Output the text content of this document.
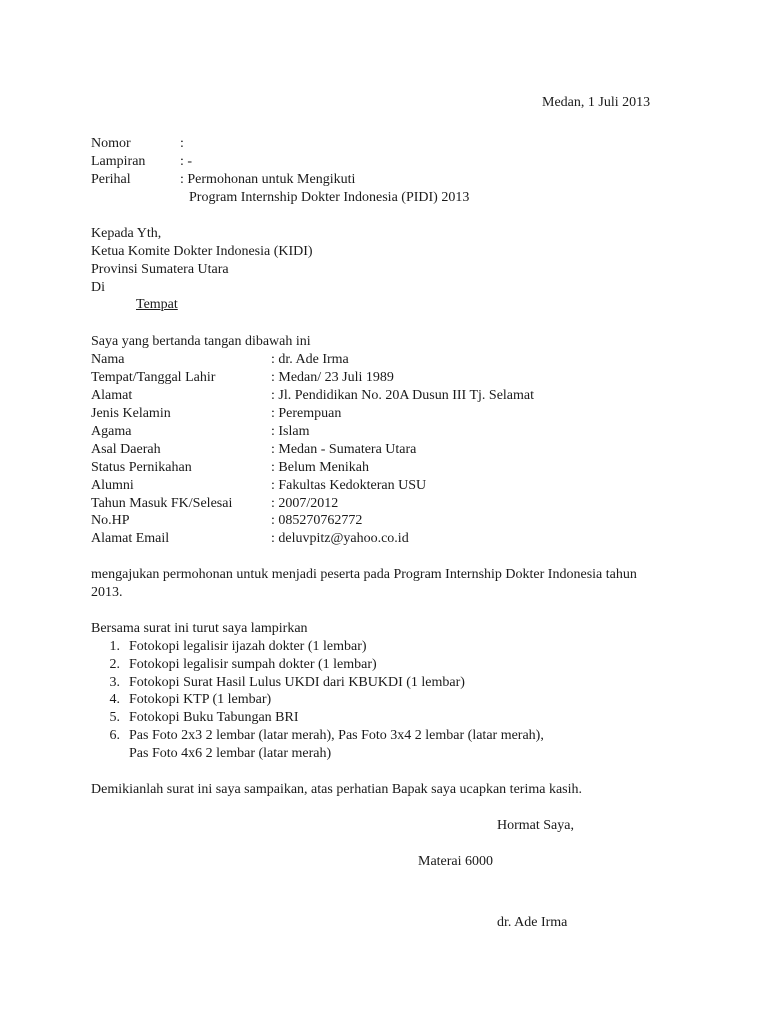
Medan, 1 Juli 2013
Nomor	:
Lampiran : -
Perihal	: Permohonan untuk Mengikuti
Program Internship Dokter Indonesia (PIDI) 2013
Kepada Yth,
Ketua Komite Dokter Indonesia (KIDI)
Provinsi Sumatera Utara
Di
Tempat
Saya yang bertanda tangan dibawah ini
Nama	: dr. Ade Irma
Tempat/Tanggal Lahir	: Medan/ 23 Juli 1989
Alamat	: Jl. Pendidikan No. 20A Dusun III Tj. Selamat
Jenis Kelamin	: Perempuan
Agama	: Islam
Asal Daerah	: Medan - Sumatera Utara
Status Pernikahan	: Belum Menikah
Alumni	: Fakultas Kedokteran USU
Tahun Masuk FK/Selesai	: 2007/2012
No.HP	: 085270762772
Alamat Email	: deluvpitz@yahoo.co.id
mengajukan permohonan untuk menjadi peserta pada Program Internship Dokter Indonesia tahun
2013.
Bersama surat ini turut saya lampirkan
1. Fotokopi legalisir ijazah dokter (1 lembar)
2. Fotokopi legalisir sumpah dokter (1 lembar)
3. Fotokopi Surat Hasil Lulus UKDI dari KBUKDI (1 lembar)
4. Fotokopi KTP (1 lembar)
5. Fotokopi Buku Tabungan BRI
6. Pas Foto 2x3 2 lembar (latar merah), Pas Foto 3x4 2 lembar (latar merah),
Pas Foto 4x6 2 lembar (latar merah)
Demikianlah surat ini saya sampaikan, atas perhatian Bapak saya ucapkan terima kasih.
Hormat Saya,
Materai 6000
dr. Ade Irma
